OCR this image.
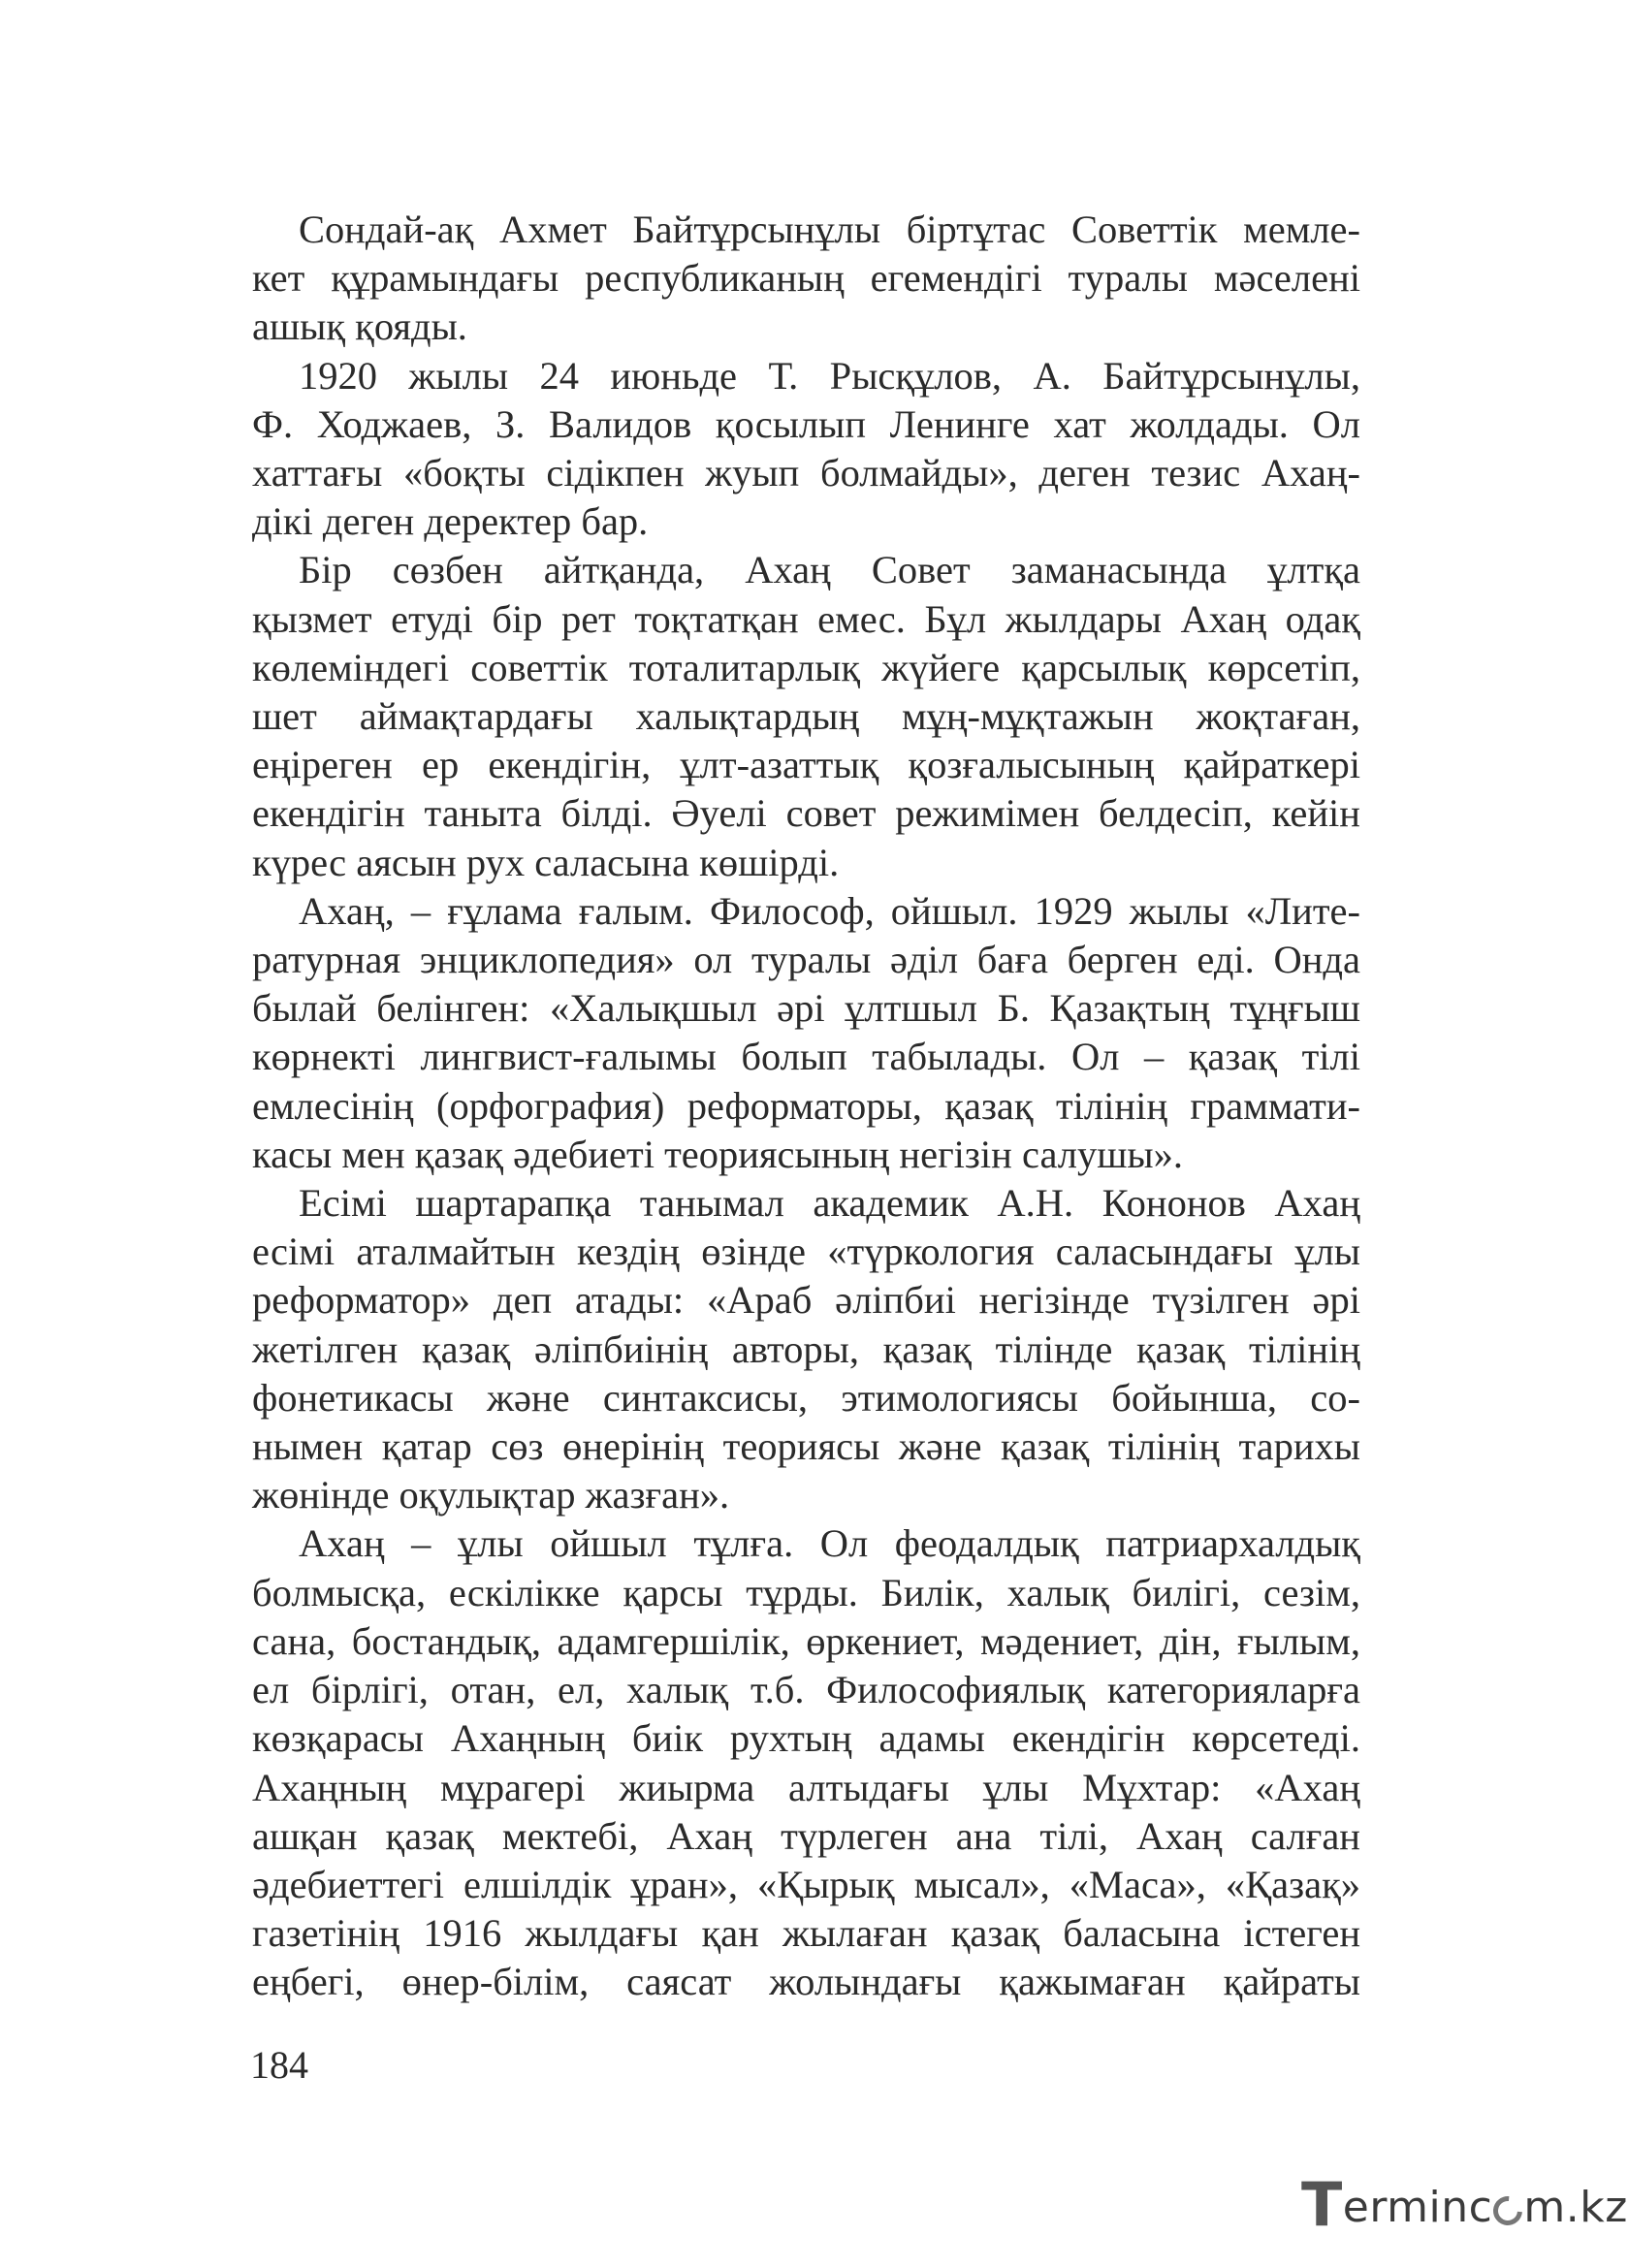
Сондай-ақ Ахмет Байтұрсынұлы біртұтас Советтік мемле-
кет құрамындағы республиканың егемендігі туралы мәселені
ашық қояды.

1920 жылы 24 июньде Т. Рысқұлов, А. Байтұрсынұлы,
Ф. Ходжаев, З. Валидов қосылып Ленинге хат жолдады. Ол
хаттағы «боқты сідікпен жуып болмайды», деген тезис Ахаң-
дікі деген деректер бар.

Бір сөзбен айтқанда, Ахаң Совет заманасында ұлтқа
қызмет етуді бір рет тоқтатқан емес. Бұл жылдары Ахаң одақ
көлеміндегі советтік тоталитарлық жүйеге қарсылық көрсетіп,
шет аймақтардағы халықтардың мұң-мұқтажын жоқтаған,
еңіреген ер екендігін, ұлт-азаттық қозғалысының қайраткері
екендігін таныта білді. Әуелі совет режимімен белдесіп, кейін
күрес аясын рух саласына көшірді.

Ахаң, – ғұлама ғалым. Философ, ойшыл. 1929 жылы «Лите-
ратурная энциклопедия» ол туралы әділ баға берген еді. Онда
былай белінген: «Халықшыл әрі ұлтшыл Б. Қазақтың тұңғыш
көрнекті лингвист-ғалымы болып табылады. Ол – қазақ тілі
емлесінің (орфография) реформаторы, қазақ тілінің граммати-
касы мен қазақ әдебиеті теориясының негізін салушы».

Есімі шартарапқа танымал академик А.Н. Кононов Ахаң
есімі аталмайтын кездің өзінде «түркология саласындағы ұлы
реформатор» деп атады: «Араб әліпбиі негізінде түзілген әрі
жетілген қазақ әліпбиінің авторы, қазақ тілінде қазақ тілінің
фонетикасы және синтаксисы, этимологиясы бойынша, со-
нымен қатар сөз өнерінің теориясы және қазақ тілінің тарихы
жөнінде оқулықтар жазған».

Ахаң – ұлы ойшыл тұлға. Ол феодалдық патриархалдық
болмысқа, ескілікке қарсы тұрды. Билік, халық билігі, сезім,
сана, бостандық, адамгершілік, өркениет, мәдениет, дін, ғылым,
ел бірлігі, отан, ел, халық т.б. Философиялық категорияларға
көзқарасы Ахаңның биік рухтың адамы екендігін көрсетеді.
Ахаңның мұрагері жиырма алтыдағы ұлы Мұхтар: «Ахаң
ашқан қазақ мектебі, Ахаң түрлеген ана тілі, Ахаң салған
әдебиеттегі елшілдік ұран», «Қырық мысал», «Маса», «Қазақ»
газетінің 1916 жылдағы қан жылаған қазақ баласына істеген
еңбегі, өнер-білім, саясат жолындағы қажымаған қайраты

184
Terminc m.kz
